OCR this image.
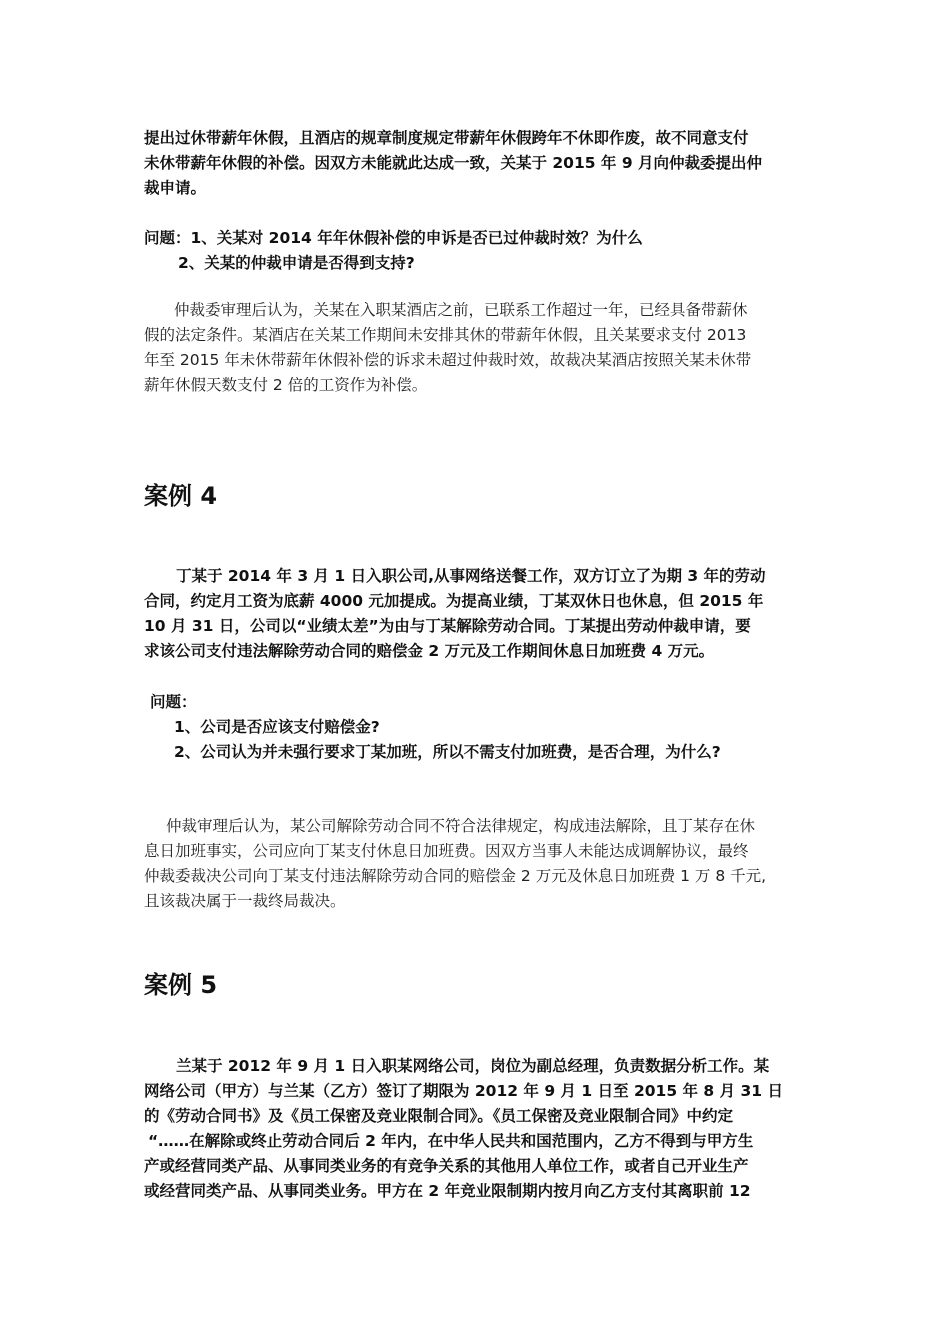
提出过休带薪年休假，且酒店的规章制度规定带薪年休假跨年不休即作废，故不同意支付
未休带薪年休假的补偿。因双方未能就此达成一致，关某于 2015 年 9 月向仲裁委提出仲
裁申请。
问题：1、关某对 2014 年年休假补偿的申诉是否已过仲裁时效？为什么
2、关某的仲裁申请是否得到支持?
仲裁委审理后认为，关某在入职某酒店之前，已联系工作超过一年，已经具备带薪休
假的法定条件。某酒店在关某工作期间未安排其休的带薪年休假，且关某要求支付 2013
年至 2015 年未休带薪年休假补偿的诉求未超过仲裁时效，故裁决某酒店按照关某未休带
薪年休假天数支付 2 倍的工资作为补偿。
案例 4
丁某于 2014 年 3 月 1 日入职公司,从事网络送餐工作，双方订立了为期 3 年的劳动
合同，约定月工资为底薪 4000 元加提成。为提高业绩，丁某双休日也休息，但 2015 年
10 月 31 日，公司以“业绩太差”为由与丁某解除劳动合同。丁某提出劳动仲裁申请，要
求该公司支付违法解除劳动合同的赔偿金 2 万元及工作期间休息日加班费 4 万元。
问题：
1、公司是否应该支付赔偿金?
2、公司认为并未强行要求丁某加班，所以不需支付加班费，是否合理，为什么?
仲裁审理后认为，某公司解除劳动合同不符合法律规定，构成违法解除，且丁某存在休
息日加班事实，公司应向丁某支付休息日加班费。因双方当事人未能达成调解协议，最终
仲裁委裁决公司向丁某支付违法解除劳动合同的赔偿金 2 万元及休息日加班费 1 万 8 千元,
且该裁决属于一裁终局裁决。
案例 5
兰某于 2012 年 9 月 1 日入职某网络公司，岗位为副总经理，负责数据分析工作。某
网络公司（甲方）与兰某（乙方）签订了期限为 2012 年 9 月 1 日至 2015 年 8 月 31 日
的《劳动合同书》及《员工保密及竞业限制合同》。《员工保密及竞业限制合同》中约定
“……在解除或终止劳动合同后 2 年内，在中华人民共和国范围内，乙方不得到与甲方生
产或经营同类产品、从事同类业务的有竞争关系的其他用人单位工作，或者自己开业生产
或经营同类产品、从事同类业务。甲方在 2 年竞业限制期内按月向乙方支付其离职前 12
